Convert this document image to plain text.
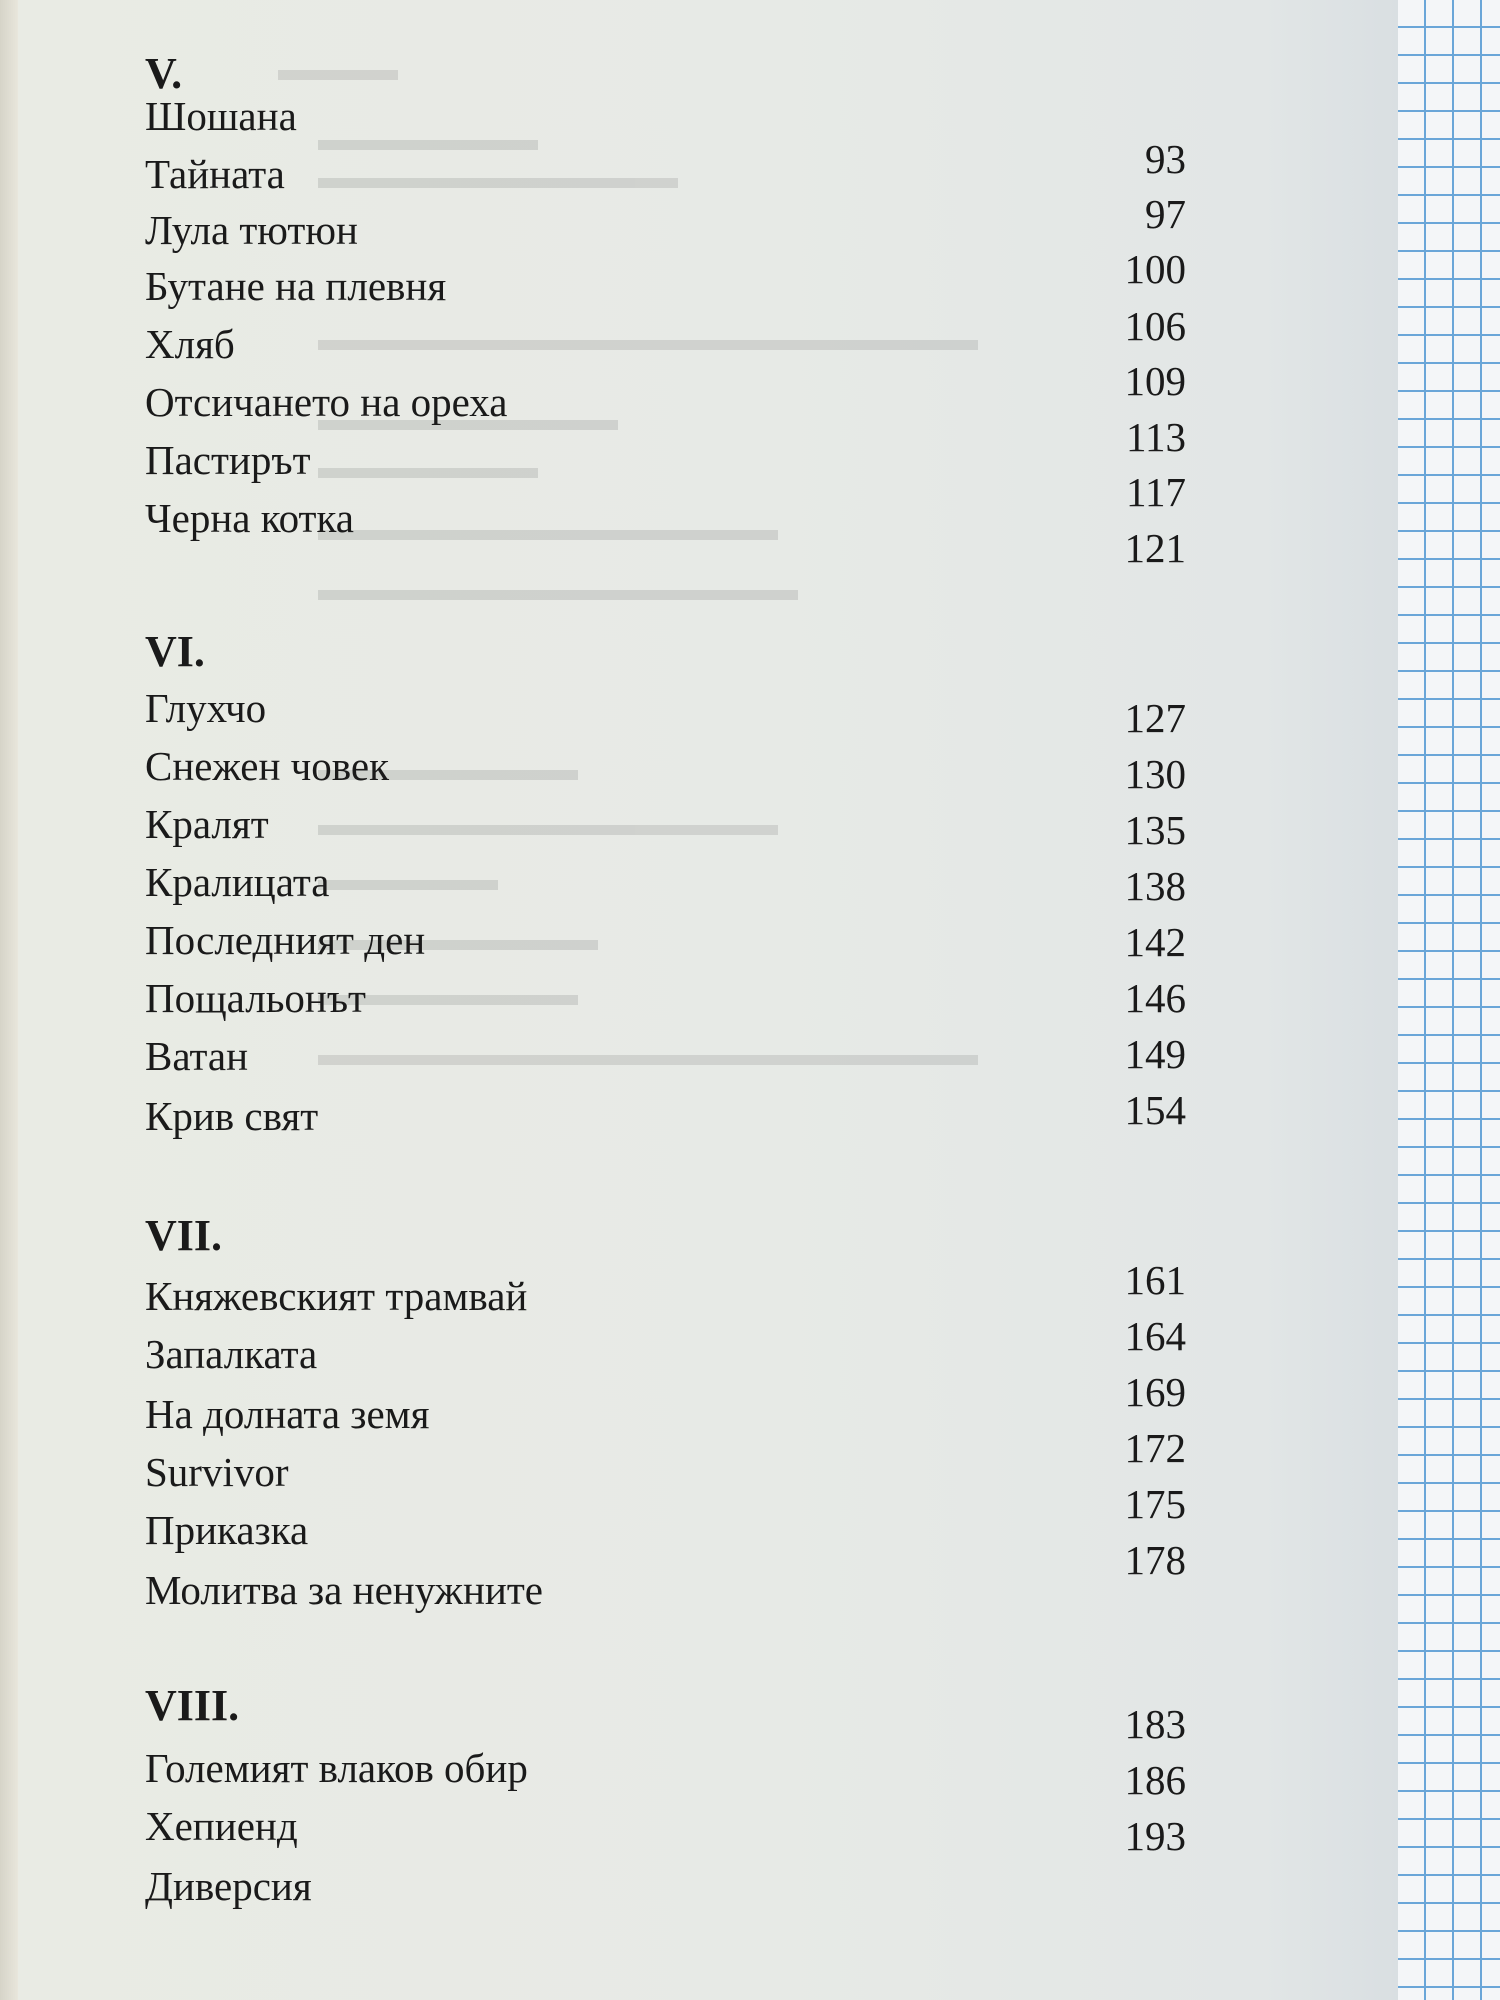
V.
Шошана
Тайната
Лула тютюн
Бутане на плевня
Хляб
Отсичането на ореха
Пастирът
Черна котка
93
97
100
106
109
113
117
121
VI.
Глухчо
Снежен човек
Кралят
Кралицата
Последният ден
Пощальонът
Ватан
Крив свят
127
130
135
138
142
146
149
154
VII.
Княжевският трамвай
Запалката
На долната земя
Survivor
Приказка
Молитва за ненужните
161
164
169
172
175
178
VIII.
Големият влаков обир
Хепиенд
Диверсия
183
186
193
